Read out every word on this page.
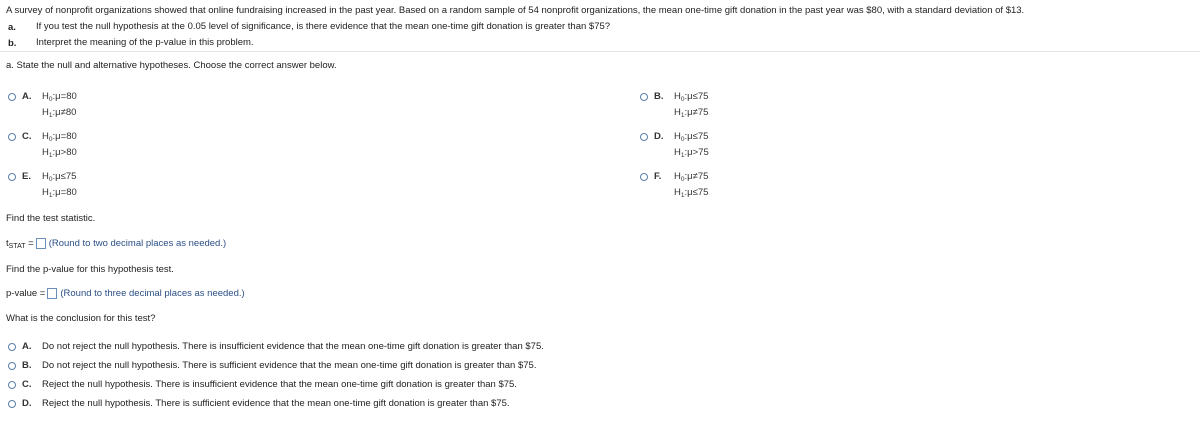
A survey of nonprofit organizations showed that online fundraising increased in the past year. Based on a random sample of 54 nonprofit organizations, the mean one-time gift donation in the past year was $80, with a standard deviation of $13.
a. If you test the null hypothesis at the 0.05 level of significance, is there evidence that the mean one-time gift donation is greater than $75?
b. Interpret the meaning of the p-value in this problem.
a. State the null and alternative hypotheses. Choose the correct answer below.
A. $H_0:\mu=80$
$H_1:\mu\ne 80$
B. $H_0:\mu\le 75$
$H_1:\mu\ne 75$
C. $H_0:\mu=80$
$H_1:\mu>80$
D. $H_0:\mu\le 75$
$H_1:\mu>75$
E. $H_0:\mu\le 75$
$H_1:\mu=80$
F. $H_0:\mu\ne 75$
$H_1:\mu\le 75$
Find the test statistic.
$t_{STAT}$ = (Round to two decimal places as needed.)
Find the p-value for this hypothesis test.
p-value = (Round to three decimal places as needed.)
What is the conclusion for this test?
A. Do not reject the null hypothesis. There is insufficient evidence that the mean one-time gift donation is greater than $75.
B. Do not reject the null hypothesis. There is sufficient evidence that the mean one-time gift donation is greater than $75.
C. Reject the null hypothesis. There is insufficient evidence that the mean one-time gift donation is greater than $75.
D. Reject the null hypothesis. There is sufficient evidence that the mean one-time gift donation is greater than $75.
